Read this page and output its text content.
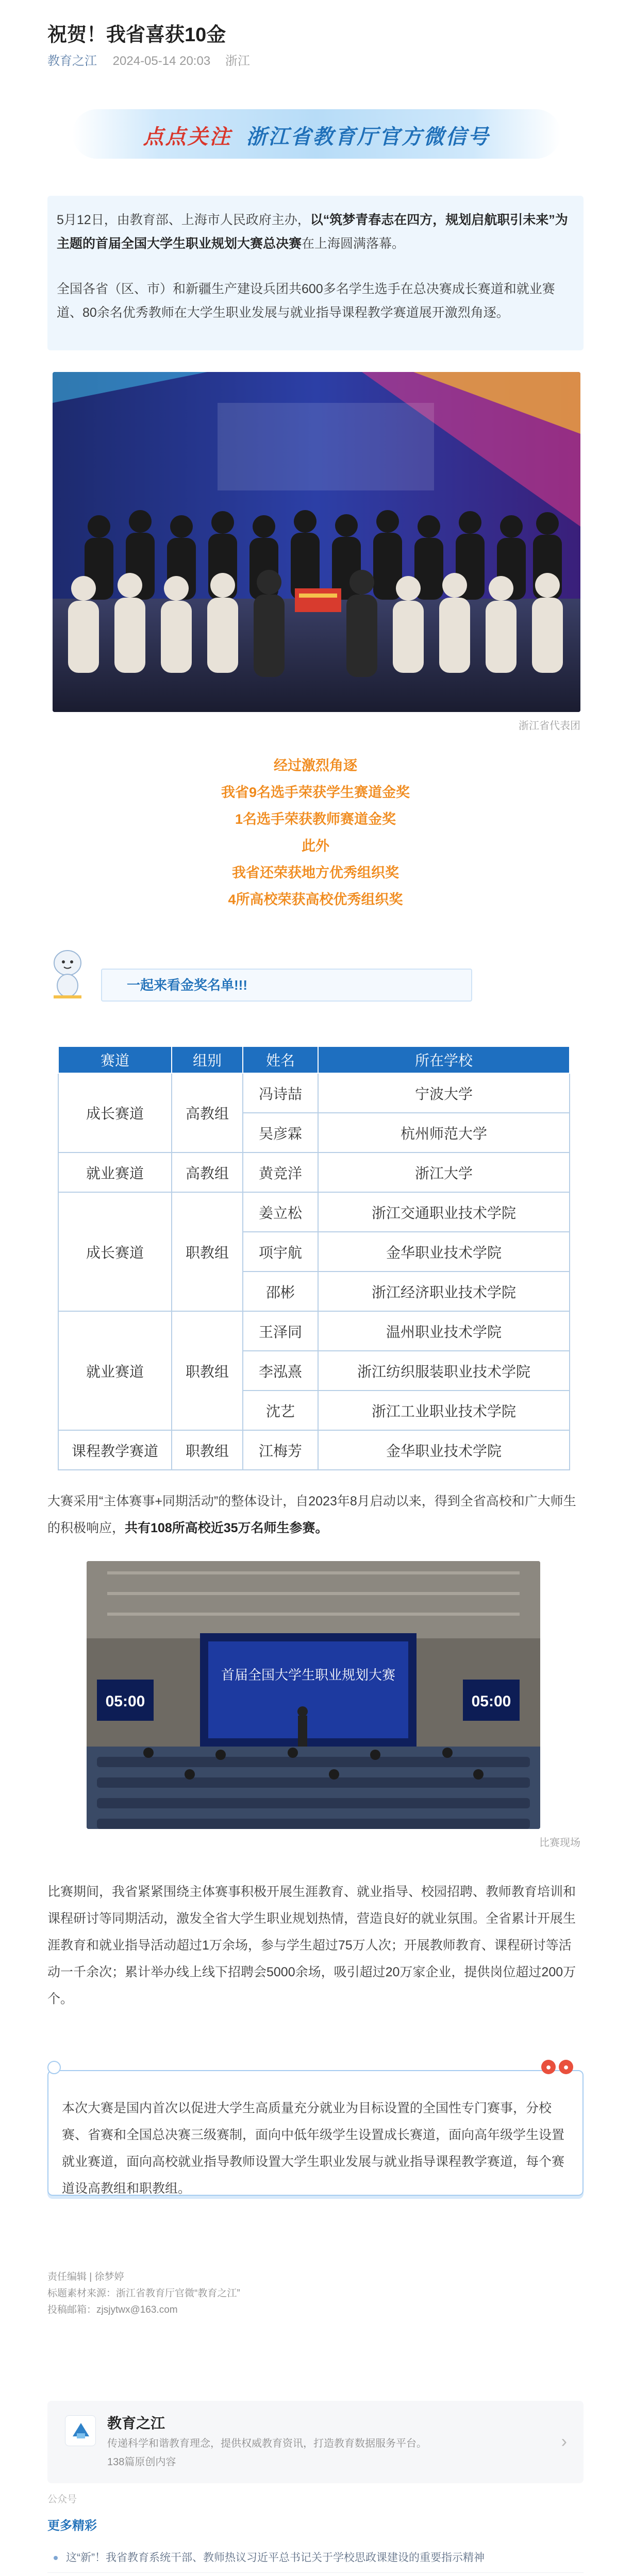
祝贺！我省喜获10金
教育之江 2024-05-14 20:03 浙江
点点关注 浙江省教育厅官方微信号

5月12日，由教育部、上海市人民政府主办，以“筑梦青春志在四方，规划启航职引未来”为主题的首届全国大学生职业规划大赛总决赛在上海圆满落幕。

全国各省（区、市）和新疆生产建设兵团共600多名学生选手在总决赛成长赛道和就业赛道、80余名优秀教师在大学生职业发展与就业指导课程教学赛道展开激烈角逐。

浙江省代表团
经过激烈角逐
我省9名选手荣获学生赛道金奖
1名选手荣获教师赛道金奖
此外
我省还荣获地方优秀组织奖
4所高校荣获高校优秀组织奖
一起来看金奖名单!!!
赛道	组别	姓名	所在学校
成长赛道	高教组	冯诗喆	宁波大学
		吴彦霖	杭州师范大学
就业赛道	高教组	黄竞洋	浙江大学
成长赛道	职教组	姜立松	浙江交通职业技术学院
		项宇航	金华职业技术学院
		邵彬	浙江经济职业技术学院
就业赛道	职教组	王泽同	温州职业技术学院
		李泓熹	浙江纺织服装职业技术学院
		沈艺	浙江工业职业技术学院
课程教学赛道	职教组	江梅芳	金华职业技术学院
大赛采用“主体赛事+同期活动”的整体设计，自2023年8月启动以来，得到全省高校和广大师生的积极响应，共有108所高校近35万名师生参赛。
首届全国大学生职业规划大赛
05:00	05:00
比赛现场
比赛期间，我省紧紧围绕主体赛事积极开展生涯教育、就业指导、校园招聘、教师教育培训和课程研讨等同期活动，激发全省大学生职业规划热情，营造良好的就业氛围。全省累计开展生涯教育和就业指导活动超过1万余场，参与学生超过75万人次；开展教师教育、课程研讨等活动一千余次；累计举办线上线下招聘会5000余场，吸引超过20万家企业，提供岗位超过200万个。
● ●

本次大赛是国内首次以促进大学生高质量充分就业为目标设置的全国性专门赛事，分校赛、省赛和全国总决赛三级赛制，面向中低年级学生设置成长赛道，面向高年级学生设置就业赛道，面向高校就业指导教师设置大学生职业发展与就业指导课程教学赛道，每个赛道设高教组和职教组。

责任编辑 | 徐梦婷
标题素材来源：浙江省教育厅官微“教育之江”
投稿邮箱：zjsjytwx@163.com
教育之江
传递科学和谐教育理念，提供权威教育资讯，打造教育数据服务平台。
138篇原创内容
›
公众号
更多精彩
这“新”！我省教育系统干部、教师热议习近平总书记关于学校思政课建设的重要指示精神
